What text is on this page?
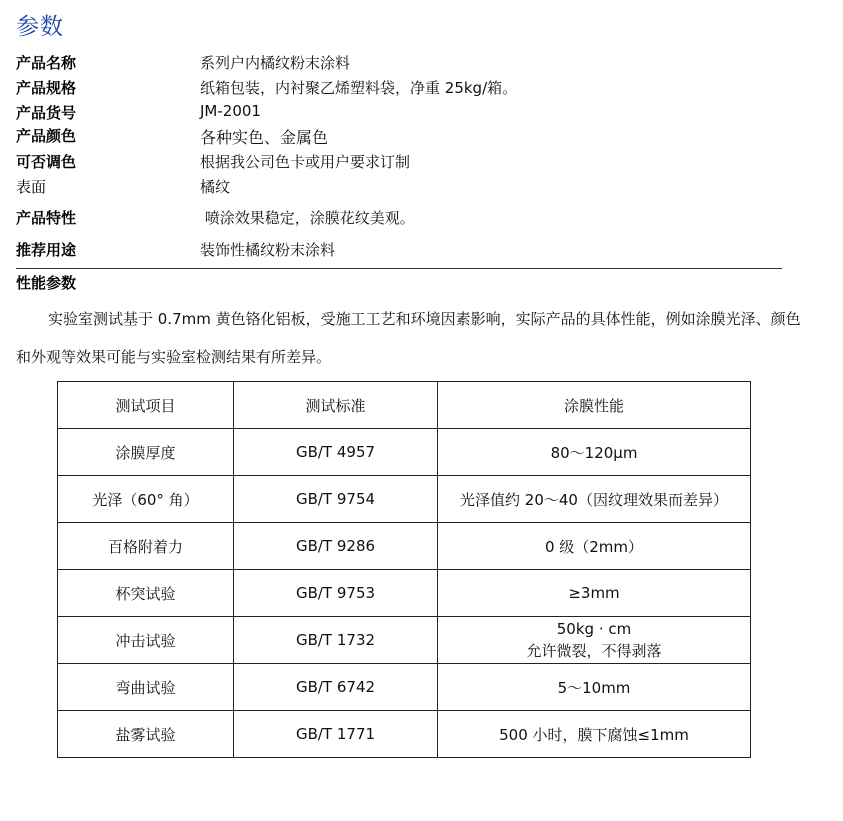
参数
产品名称	系列户内橘纹粉末涂料
产品规格	纸箱包装，内衬聚乙烯塑料袋，净重 25kg/箱。
产品货号	JM-2001
产品颜色	各种实色、金属色
可否调色	根据我公司色卡或用户要求订制
表面	橘纹
产品特性	喷涂效果稳定，涂膜花纹美观。
推荐用途	装饰性橘纹粉末涂料
性能参数
实验室测试基于 0.7mm 黄色铬化铝板，受施工工艺和环境因素影响，实际产品的具体性能，例如涂膜光泽、颜色和外观等效果可能与实验室检测结果有所差异。
测试项目	测试标准	涂膜性能
涂膜厚度	GB/T 4957	80～120μm
光泽（60° 角）	GB/T 9754	光泽值约 20～40（因纹理效果而差异）
百格附着力	GB/T 9286	0 级（2mm）
杯突试验	GB/T 9753	≥3mm
冲击试验	GB/T 1732	50kg · cm
允许微裂，不得剥落

弯曲试验	GB/T 6742	5～10mm
盐雾试验	GB/T 1771	500 小时，膜下腐蚀≤1mm
